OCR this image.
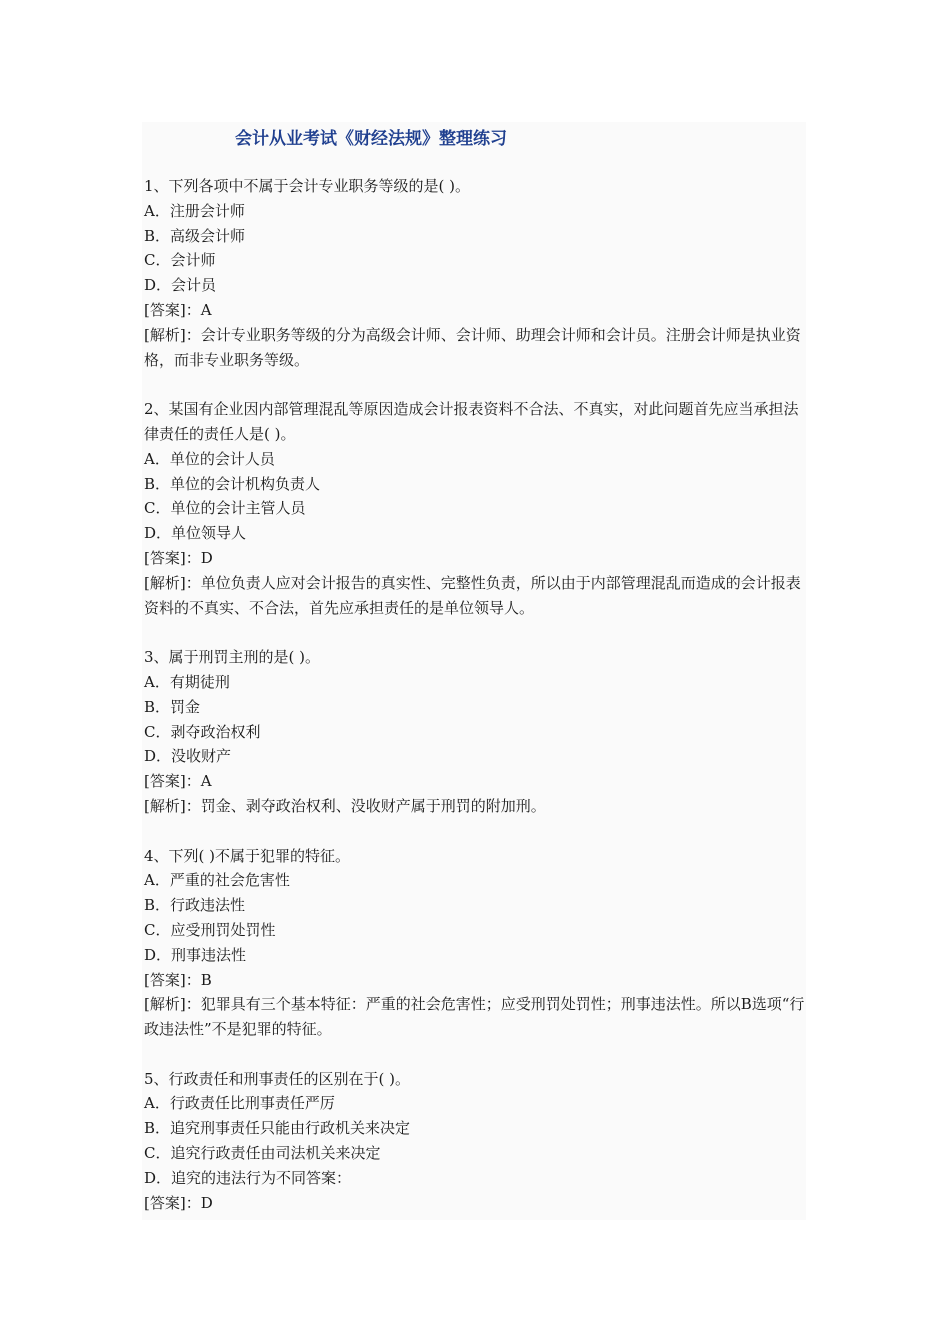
会计从业考试《财经法规》整理练习
1、下列各项中不属于会计专业职务等级的是( )。
A．注册会计师
B．高级会计师
C．会计师
D．会计员
[答案]：A
[解析]：会计专业职务等级的分为高级会计师、会计师、助理会计师和会计员。注册会计师是执业资格，而非专业职务等级。
2、某国有企业因内部管理混乱等原因造成会计报表资料不合法、不真实，对此问题首先应当承担法律责任的责任人是( )。
A．单位的会计人员
B．单位的会计机构负责人
C．单位的会计主管人员
D．单位领导人
[答案]：D
[解析]：单位负责人应对会计报告的真实性、完整性负责，所以由于内部管理混乱而造成的会计报表资料的不真实、不合法，首先应承担责任的是单位领导人。
3、属于刑罚主刑的是( )。
A．有期徒刑
B．罚金
C．剥夺政治权利
D．没收财产
[答案]：A
[解析]：罚金、剥夺政治权利、没收财产属于刑罚的附加刑。
4、下列( )不属于犯罪的特征。
A．严重的社会危害性
B．行政违法性
C．应受刑罚处罚性
D．刑事违法性
[答案]：B
[解析]：犯罪具有三个基本特征：严重的社会危害性；应受刑罚处罚性；刑事违法性。所以B选项“行政违法性”不是犯罪的特征。
5、行政责任和刑事责任的区别在于( )。
A．行政责任比刑事责任严厉
B．追究刑事责任只能由行政机关来决定
C．追究行政责任由司法机关来决定
D．追究的违法行为不同答案：
[答案]：D
